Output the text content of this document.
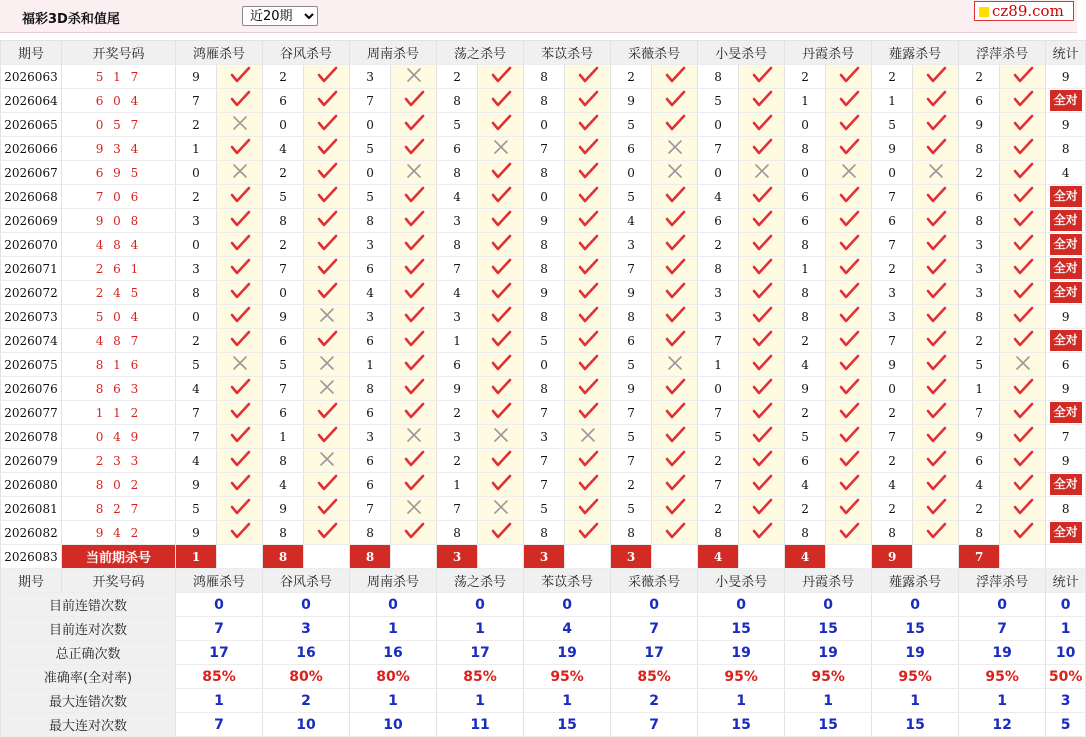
福彩3D杀和值尾
近20期	cz89.com
期号	开奖号码	鸿雁杀号		谷风杀号		周南杀号		荡之杀号		苯苡杀号		采薇杀号		小旻杀号		丹霞杀号		薤露杀号		浮萍杀号		统计
2026063	5 1 7	9		2		3		2		8		2		8		2		2		2		9
2026064	6 0 4	7		6		7		8		8		9		5		1		1		6		全对
2026065	0 5 7	2		0		0		5		0		5		0		0		5		9		9
2026066	9 3 4	1		4		5		6		7		6		7		8		9		8		8
2026067	6 9 5	0		2		0		8		8		0		0		0		0		2		4
2026068	7 0 6	2		5		5		4		0		5		4		6		7		6		全对
2026069	9 0 8	3		8		8		3		9		4		6		6		6		8		全对
2026070	4 8 4	0		2		3		8		8		3		2		8		7		3		全对
2026071	2 6 1	3		7		6		7		8		7		8		1		2		3		全对
2026072	2 4 5	8		0		4		4		9		9		3		8		3		3		全对
2026073	5 0 4	0		9		3		3		8		8		3		8		3		8		9
2026074	4 8 7	2		6		6		1		5		6		7		2		7		2		全对
2026075	8 1 6	5		5		1		6		0		5		1		4		9		5		6
2026076	8 6 3	4		7		8		9		8		9		0		9		0		1		9
2026077	1 1 2	7		6		6		2		7		7		7		2		2		7		全对
2026078	0 4 9	7		1		3		3		3		5		5		5		7		9		7
2026079	2 3 3	4		8		6		2		7		7		2		6		2		6		9
2026080	8 0 2	9		4		6		1		7		2		7		4		4		4		全对
2026081	8 2 7	5		9		7		7		5		5		2		2		2		2		8
2026082	9 4 2	9		8		8		8		8		8		8		8		8		8		全对
2026083	当前期杀号	1		8		8		3		3		3		4		4		9		7		
期号	开奖号码	鸿雁杀号		谷风杀号		周南杀号		荡之杀号		苯苡杀号		采薇杀号		小旻杀号		丹霞杀号		薤露杀号		浮萍杀号		统计
目前连错次数		0		0		0		0		0		0		0		0		0		0		0
目前连对次数		7		3		1		1		4		7		15		15		15		7		1
总正确次数		17		16		16		17		19		17		19		19		19		19		10
准确率(全对率)		85%		80%		80%		85%		95%		85%		95%		95%		95%		95%		50%
最大连错次数		1		2		1		1		1		2		1		1		1		1		3
最大连对次数		7		10		10		11		15		7		15		15		15		12		5
